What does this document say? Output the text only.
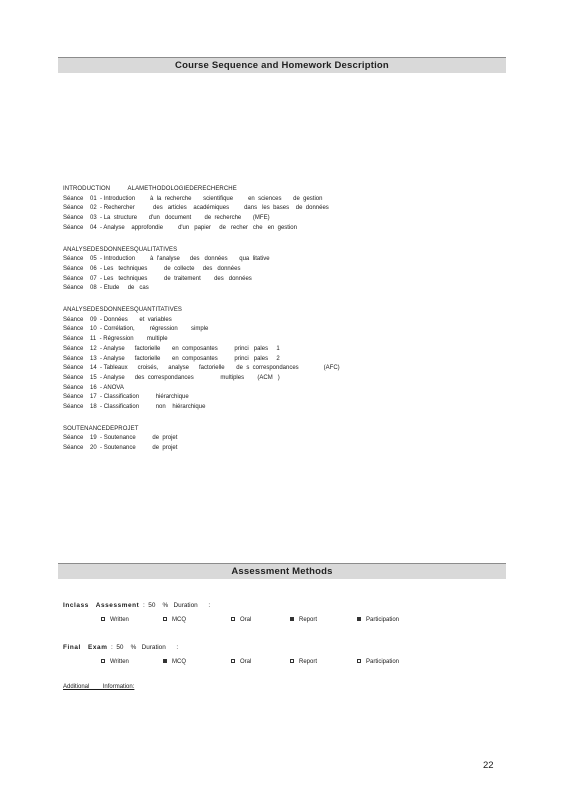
Course Sequence and Homework Description
INTRODUCTION          ALAMETHODOLOGIEDERECHERCHE
Séance    01  - Introduction         à  la  recherche       scientifique         en  sciences       de  gestion
Séance    02  - Rechercher           des   articles    académiques         dans   les  bases    de  données
Séance    03  - La  structure       d'un   document        de  recherche       (MFE)
Séance    04  - Analyse    approfondie         d'un   papier     de   recher   che   en  gestion
ANALYSEDESDONNEESQUALITATIVES
Séance    05  - Introduction         à  l'analyse      des   données       qua  litative
Séance    06  - Les   techniques          de  collecte     des   données
Séance    07  - Les   techniques          de  traitement        des   données
Séance    08  - Etude     de   cas
ANALYSEDESDONNEESQUANTITATIVES
Séance    09  - Données       et  variables
Séance    10  - Corrélation,         régression        simple
Séance    11  - Régression        multiple
Séance    12  - Analyse      factorielle       en  composantes          princi   pales     1
Séance    13  - Analyse      factorielle       en  composantes          princi   pales     2
Séance    14  - Tableaux      croisés,      analyse      factorielle       de  s  correspondances               (AFC)
Séance    15  - Analyse      des  correspondances                multiples        (ACM   )
Séance    16  - ANOVA
Séance    17  - Classification          hiérarchique
Séance    18  - Classification          non    hiérarchique
SOUTENANCEDEPROJET
Séance    19  - Soutenance          de  projet
Séance    20  - Soutenance          de  projet
Assessment Methods
Inclass   Assessment  :  50    %   Duration      :
Written	MCQ	Oral	Report	Participation
Final   Exam  :  50    %   Duration      :
Written	MCQ	Oral	Report	Participation
Additional        Information:
22
